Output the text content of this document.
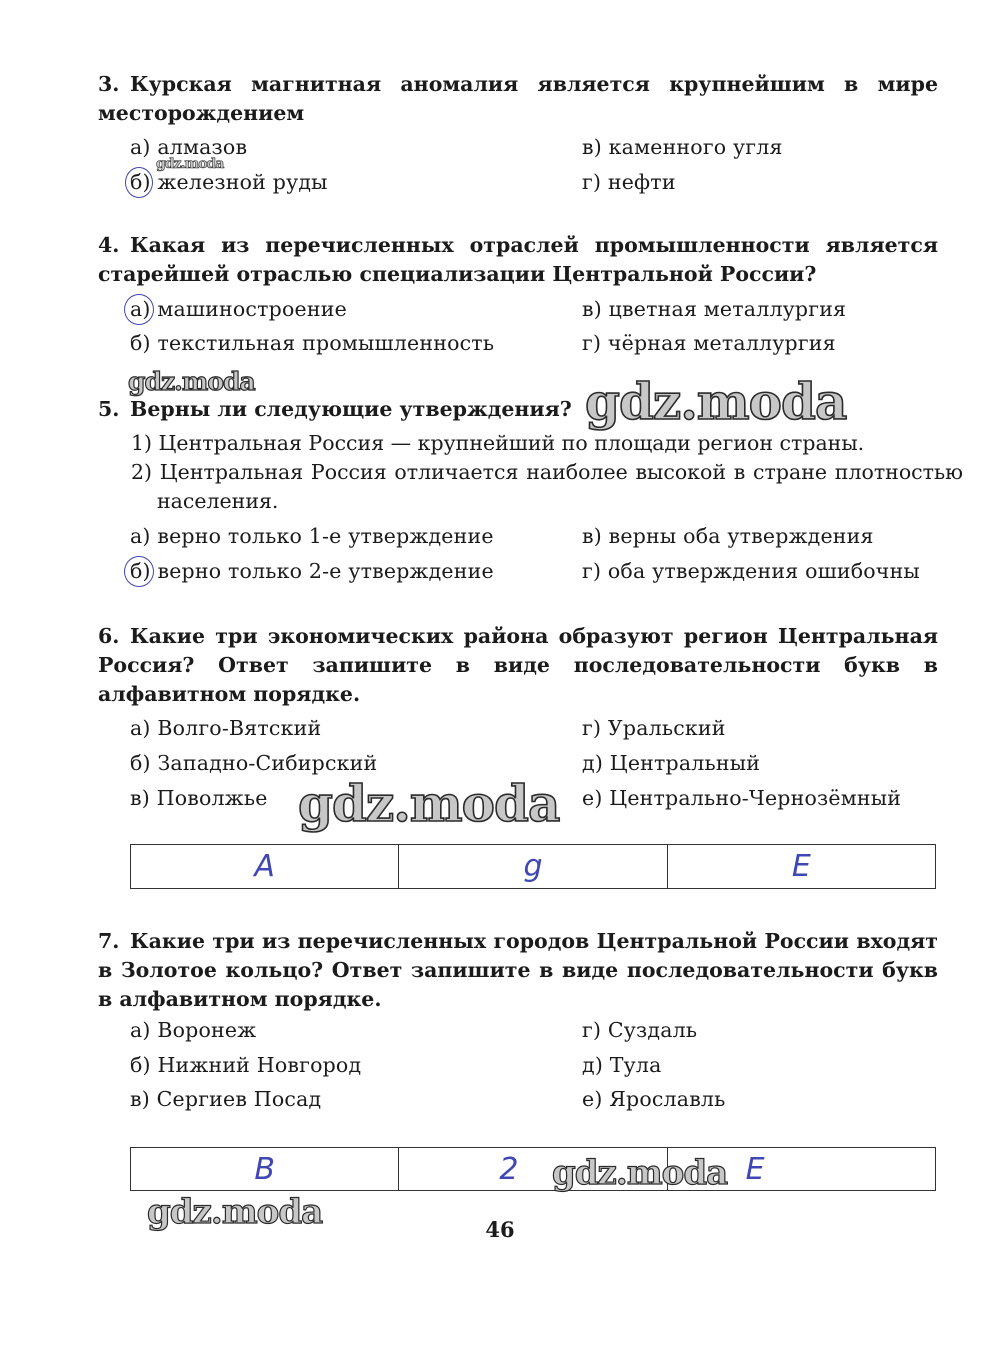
3. Курская магнитная аномалия является крупнейшим в мире месторождением
а) алмазов	в) каменного угля
б) железной руды	г) нефти
4. Какая из перечисленных отраслей промышленности является старейшей отраслью специализации Центральной России?
а) машиностроение	в) цветная металлургия
б) текстильная промышленность	г) чёрная металлургия
5. Верны ли следующие утверждения?
1) Центральная Россия — крупнейший по площади регион страны.
2) Центральная Россия отличается наиболее высокой в стране плотностью населения.
а) верно только 1-е утверждение	в) верны оба утверждения
б) верно только 2-е утверждение	г) оба утверждения ошибочны
6. Какие три экономических района образуют регион Центральная Россия? Ответ запишите в виде последовательности букв в алфавитном порядке.
а) Волго-Вятский	г) Уральский
б) Западно-Сибирский	д) Центральный
в) Поволжье	е) Центрально-Чернозёмный
А	g	Е
7. Какие три из перечисленных городов Центральной России входят в Золотое кольцо? Ответ запишите в виде последовательности букв в алфавитном порядке.
а) Воронеж	г) Суздаль
б) Нижний Новгород	д) Тула
в) Сергиев Посад	е) Ярославль
В	2	Е
46
gdz.moda
gdz.moda	gdz.moda
gdz.moda
gdz.moda
gdz.moda
